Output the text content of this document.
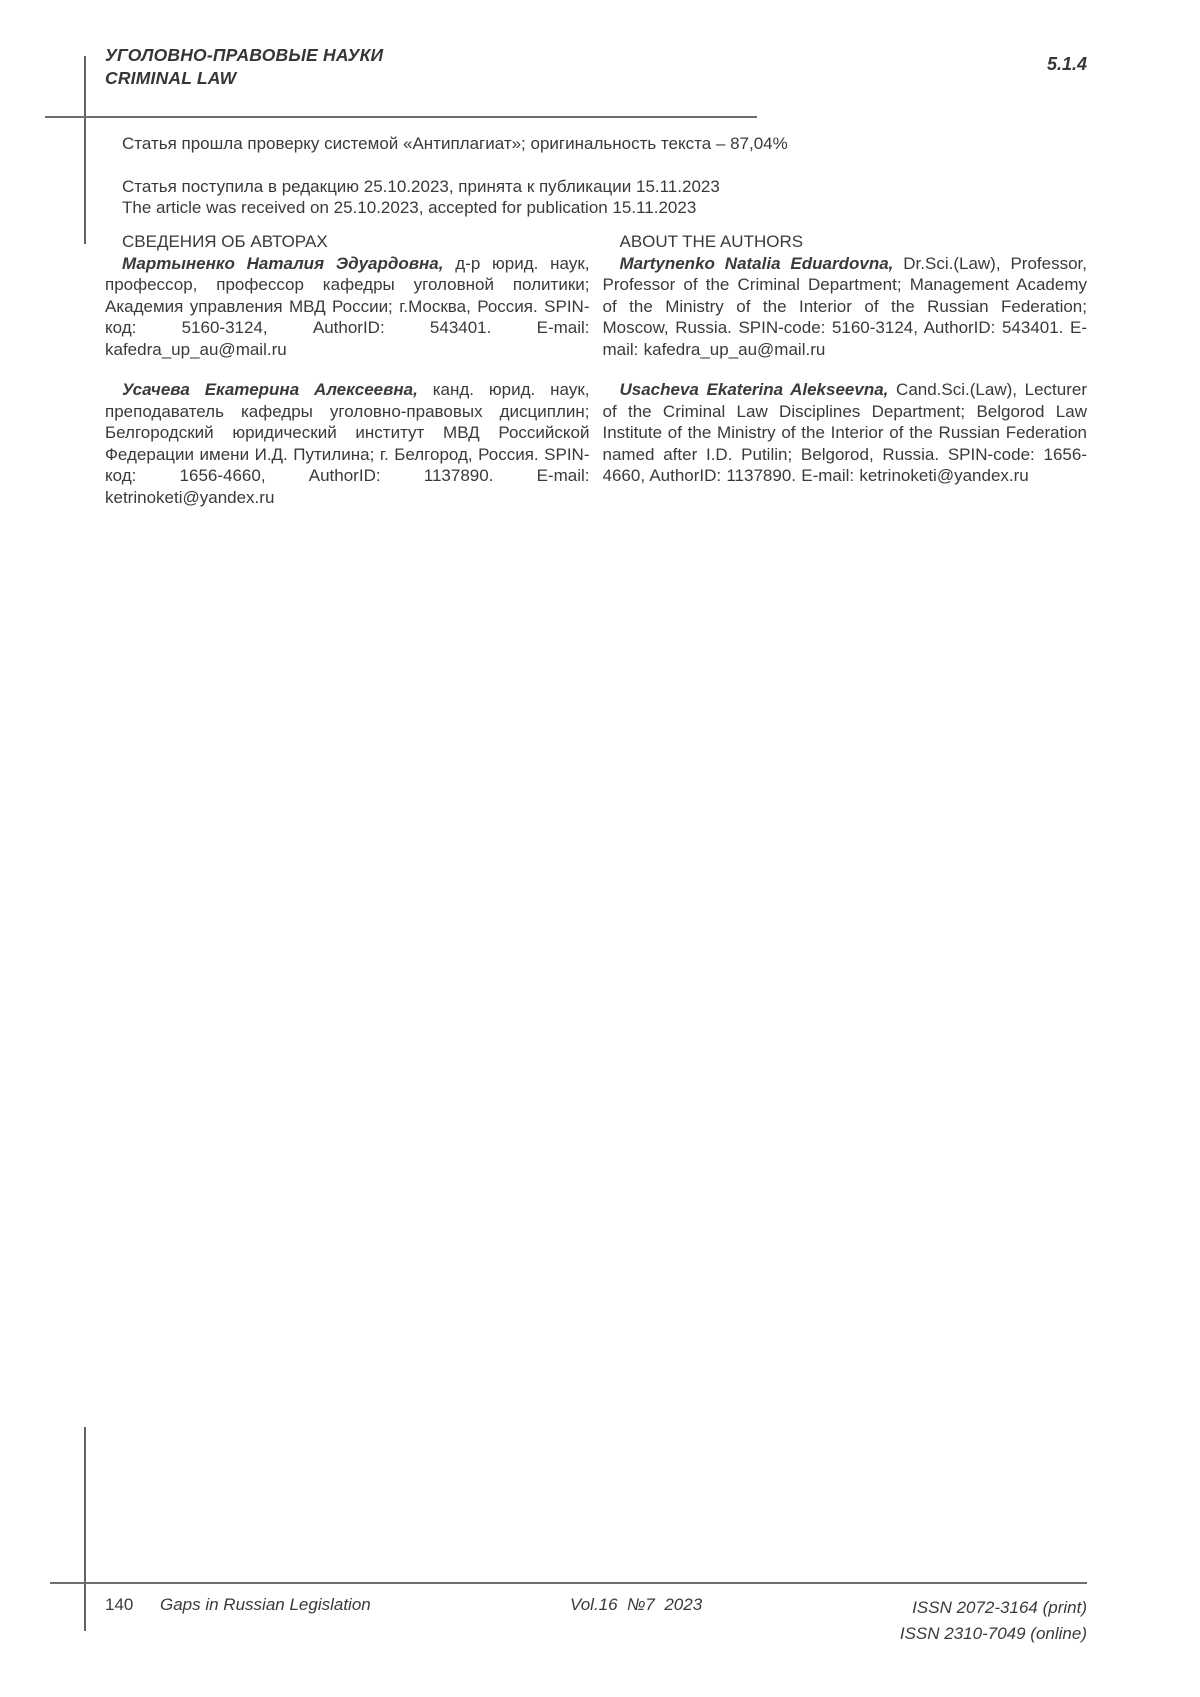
УГОЛОВНО-ПРАВОВЫЕ НАУКИ
CRIMINAL LAW
5.1.4

Статья прошла проверку системой «Антиплагиат»; оригинальность текста – 87,04%

Статья поступила в редакцию 25.10.2023, принята к публикации 15.11.2023

The article was received on 25.10.2023, accepted for publication 15.11.2023

СВЕДЕНИЯ ОБ АВТОРАХ

Мартыненко Наталия Эдуардовна, д-р юрид. наук, профессор, профессор кафедры уголовной политики; Академия управления МВД России; г.Москва, Россия. SPIN-код: 5160-3124, AuthorID: 543401. E-mail: kafedra_up_au@mail.ru

Усачева Екатерина Алексеевна, канд. юрид. наук, преподаватель кафедры уголовно-правовых дисциплин; Белгородский юридический институт МВД Российской Федерации имени И.Д. Путилина; г. Белгород, Россия. SPIN-код: 1656-4660, AuthorID: 1137890. E-mail: ketrinoketi@yandex.ru

ABOUT THE AUTHORS

Martynenko Natalia Eduardovna, Dr.Sci.(Law), Professor, Professor of the Criminal Department; Management Academy of the Ministry of the Interior of the Russian Federation; Moscow, Russia. SPIN-code: 5160-3124, AuthorID: 543401. E-mail: kafedra_up_au@mail.ru

Usacheva Ekaterina Alekseevna, Cand.Sci.(Law), Lecturer of the Criminal Law Disciplines Department; Belgorod Law Institute of the Ministry of the Interior of the Russian Federation named after I.D. Putilin; Belgorod, Russia. SPIN-code: 1656-4660, AuthorID: 1137890. E-mail: ketrinoketi@yandex.ru

140 Gaps in Russian Legislation	Vol.16  №7  2023	ISSN 2072-3164 (print)
ISSN 2310-7049 (online)
